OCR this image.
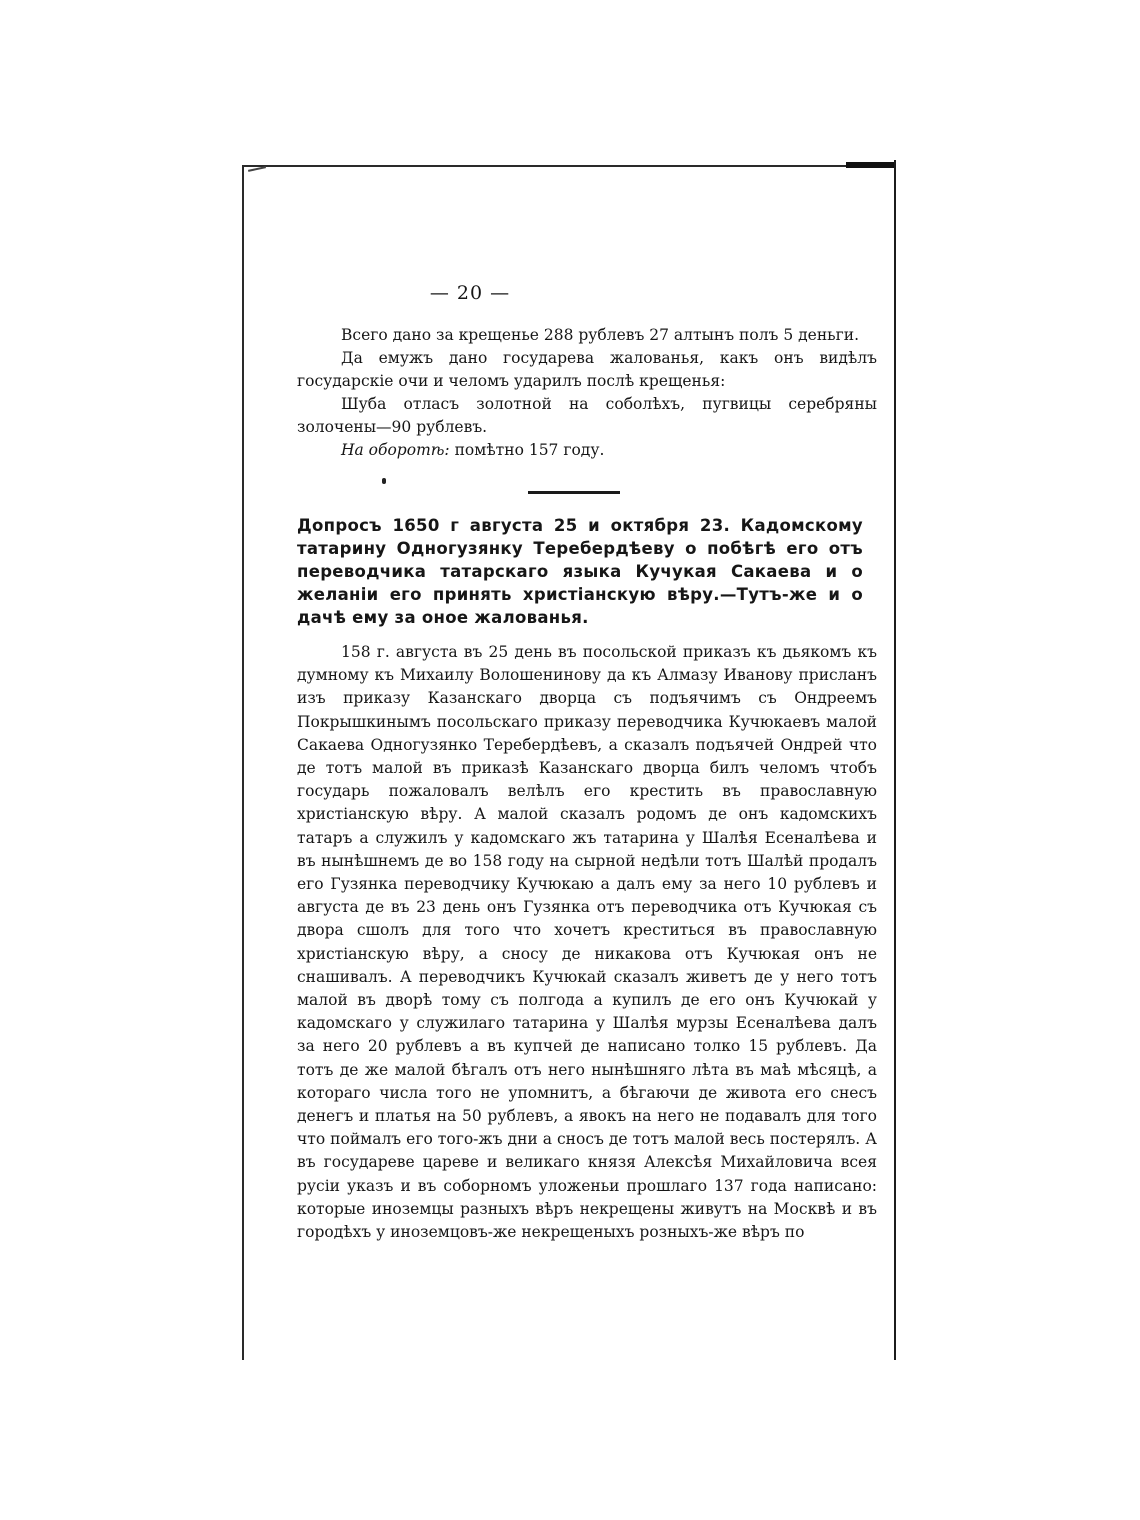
— 20 —

Всего дано за крещенье 288 рублевъ 27 алтынъ полъ 5 деньги.

Да емужъ дано государева жалованья, какъ онъ видѣлъ государскіе очи и челомъ ударилъ послѣ крещенья:

Шуба отласъ золотной на соболѣхъ, пугвицы серебряны золочены—90 рублевъ.

На оборотѣ: помѣтно 157 году.

Допросъ 1650 г августа 25 и октября 23. Кадомскому татарину Одногузянку Теребердѣеву о побѣгѣ его отъ переводчика татарскаго языка Кучукая Сакаева и о желаніи его принять христіанскую вѣру.—Тутъ-же и о дачѣ ему за оное жалованья.

158 г. августа въ 25 день въ посольской приказъ къ дьякомъ къ думному къ Михаилу Волошенинову да къ Алмазу Иванову присланъ изъ приказу Казанскаго дворца съ подъячимъ съ Ондреемъ Покрышкинымъ посольскаго приказу переводчика Кучюкаевъ малой Сакаева Одногузянко Теребердѣевъ, а сказалъ подъячей Ондрей что де тотъ малой въ приказѣ Казанскаго дворца билъ челомъ чтобъ государь пожаловалъ велѣлъ его крестить въ православную христіанскую вѣру. А малой сказалъ родомъ де онъ кадомскихъ татаръ а служилъ у кадомскаго жъ татарина у Шалѣя Есеналѣева и въ нынѣшнемъ де во 158 году на сырной недѣли тотъ Шалѣй продалъ его Гузянка переводчику Кучюкаю а далъ ему за него 10 рублевъ и августа де въ 23 день онъ Гузянка отъ переводчика отъ Кучюкая съ двора сшолъ для того что хочетъ креститься въ православную христіанскую вѣру, а сносу де никакова отъ Кучюкая онъ не снашивалъ. А переводчикъ Кучюкай сказалъ живетъ де у него тотъ малой въ дворѣ тому съ полгода а купилъ де его онъ Кучюкай у кадомскаго у служилаго татарина у Шалѣя мурзы Есеналѣева далъ за него 20 рублевъ а въ купчей де написано толко 15 рублевъ. Да тотъ де же малой бѣгалъ отъ него нынѣшняго лѣта въ маѣ мѣсяцѣ, а котораго числа того не упомнитъ, а бѣгаючи де живота его снесъ денегъ и платья на 50 рублевъ, а явокъ на него не подавалъ для того что поймалъ его того-жъ дни а сносъ де тотъ малой весь постерялъ. А въ государеве цареве и великаго князя Алексѣя Михайловича всея русіи указъ и въ соборномъ уложеньи прошлаго 137 года написано: которые иноземцы разныхъ вѣръ некрещены живутъ на Москвѣ и въ городѣхъ у иноземцовъ-же некрещеныхъ розныхъ-же вѣръ по
